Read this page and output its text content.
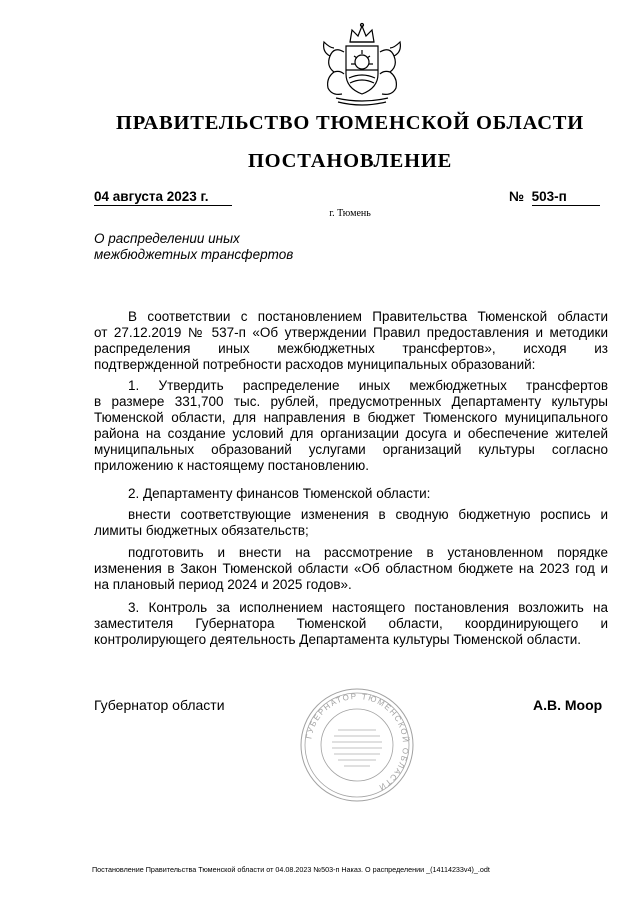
ПРАВИТЕЛЬСТВО ТЮМЕНСКОЙ ОБЛАСТИ
ПОСТАНОВЛЕНИЕ
04 августа 2023 г.	№ 503-п
г. Тюмень
О распределении иных
межбюджетных трансфертов
В соответствии с постановлением Правительства Тюменской области
от 27.12.2019 № 537-п «Об утверждении Правил предоставления и методики
распределения иных межбюджетных трансфертов», исходя из
подтвержденной потребности расходов муниципальных образований:
1. Утвердить распределение иных межбюджетных трансфертов
в размере 331,700 тыс. рублей, предусмотренных Департаменту культуры
Тюменской области, для направления в бюджет Тюменского муниципального
района на создание условий для организации досуга и обеспечение жителей
муниципальных образований услугами организаций культуры согласно
приложению к настоящему постановлению.
2. Департаменту финансов Тюменской области:
внести соответствующие изменения в сводную бюджетную роспись и
лимиты бюджетных обязательств;
подготовить и внести на рассмотрение в установленном порядке
изменения в Закон Тюменской области «Об областном бюджете на 2023 год и
на плановый период 2024 и 2025 годов».
3. Контроль за исполнением настоящего постановления возложить на
заместителя Губернатора Тюменской области, координирующего и
контролирующего деятельность Департамента культуры Тюменской области.
Губернатор области	А.В. Моор
ГУБЕРНАТОР ТЮМЕНСКОЙ ОБЛАСТИ
Постановление Правительства Тюменской области от 04.08.2023 №503-п Наказ. О распределении _(14114233v4)_.odt
